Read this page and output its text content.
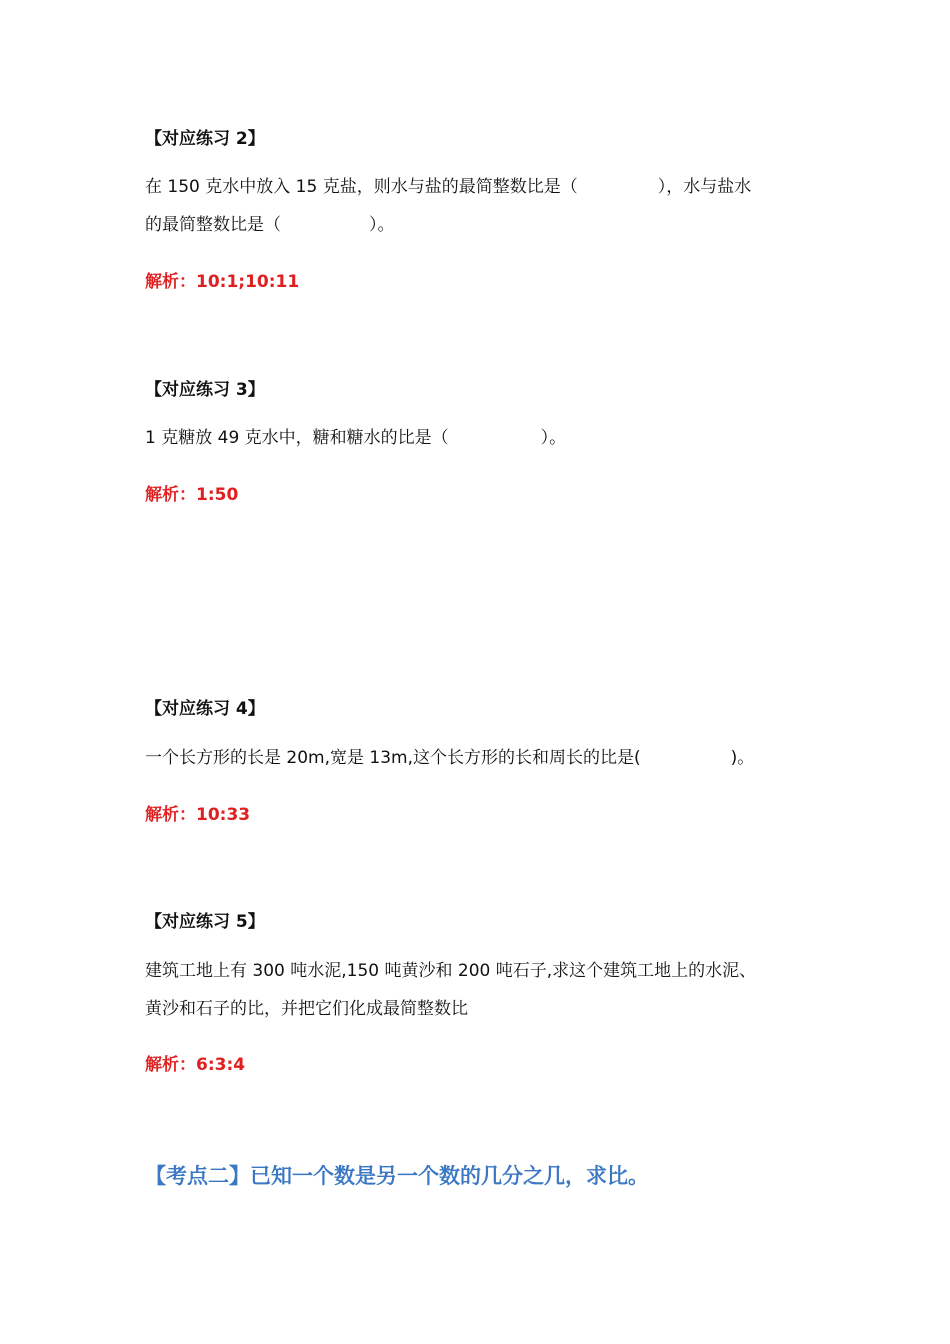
【对应练习 2】
在 150 克水中放入 15 克盐，则水与盐的最简整数比是（	），水与盐水
的最简整数比是（	）。
解析：10:1;10:11
【对应练习 3】
1 克糖放 49 克水中，糖和糖水的比是（	）。
解析：1:50
【对应练习 4】
一个长方形的长是 20m,宽是 13m,这个长方形的长和周长的比是(	)。
解析：10:33
【对应练习 5】
建筑工地上有 300 吨水泥,150 吨黄沙和 200 吨石子,求这个建筑工地上的水泥、
黄沙和石子的比，并把它们化成最简整数比
解析：6:3:4
【考点二】已知一个数是另一个数的几分之几，求比。
